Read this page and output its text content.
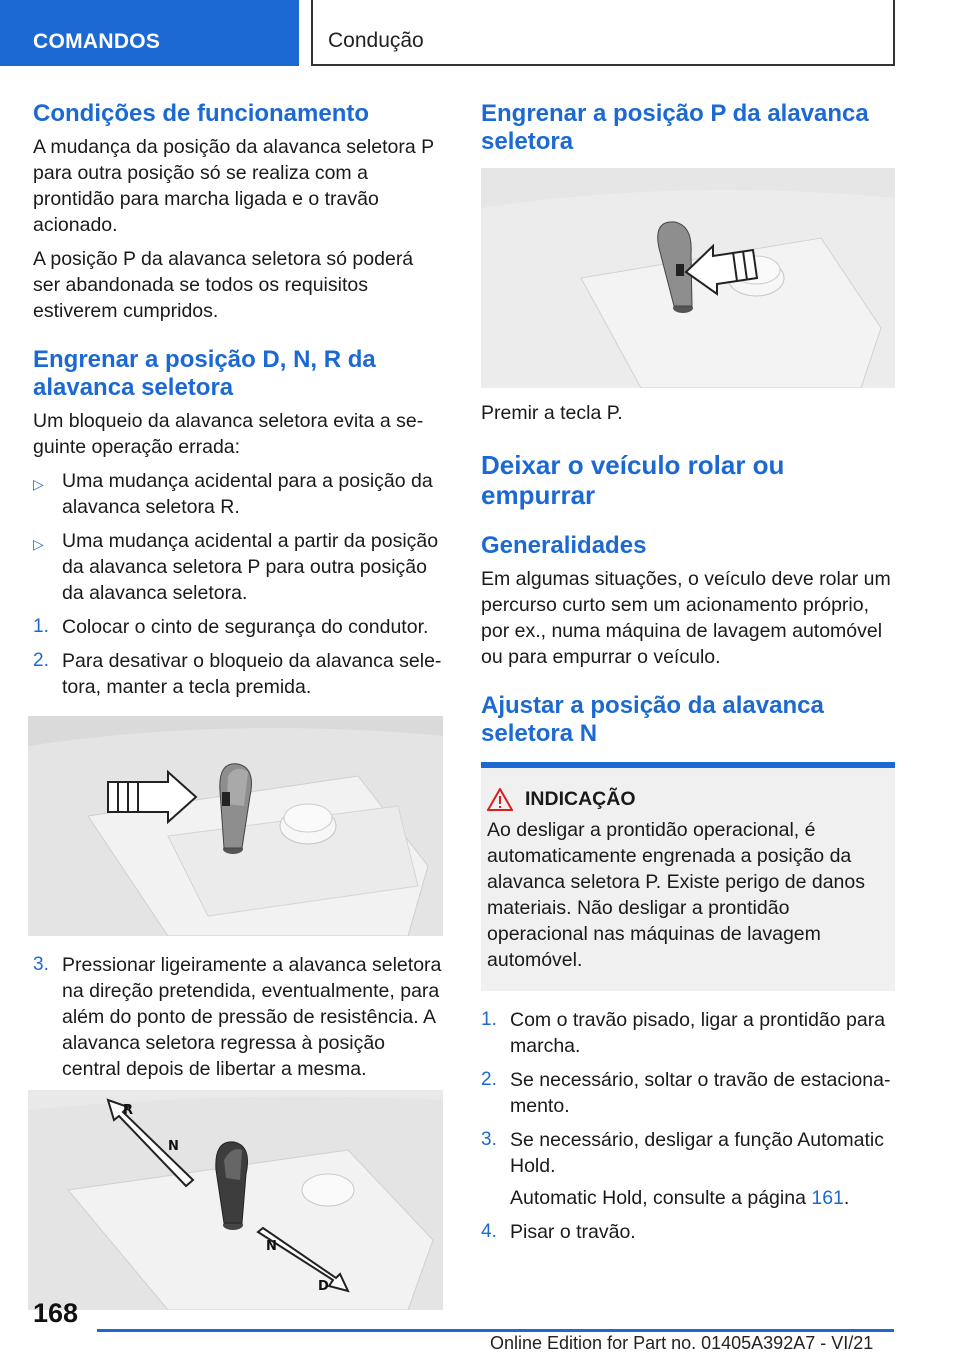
COMANDOS	Condução
Condições de funcionamento

A mudança da posição da alavanca seletora P para outra posição só se realiza com a prontidão para marcha ligada e o travão acionado.

A posição P da alavanca seletora só poderá ser abandonada se todos os requisitos estiverem cumpridos.

Engrenar a posição D, N, R da alavanca seletora

Um bloqueio da alavanca seletora evita a seguinte operação errada:

▷ Uma mudança acidental para a posição da alavanca seletora R.
▷ Uma mudança acidental a partir da posição da alavanca seletora P para outra posição da alavanca seletora.
1. Colocar o cinto de segurança do condutor.
2. Para desativar o bloqueio da alavanca seletora, manter a tecla premida.
3. Pressionar ligeiramente a alavanca seletora na direção pretendida, eventualmente, para além do ponto de pressão de resistência. A alavanca seletora regressa à posição central depois de libertar a mesma.
R
N
N
D
Engrenar a posição P da alavanca seletora

Premir a tecla P.

Deixar o veículo rolar ou empurrar
Generalidades

Em algumas situações, o veículo deve rolar um percurso curto sem um acionamento próprio, por ex., numa máquina de lavagem automóvel ou para empurrar o veículo.

Ajustar a posição da alavanca seletora N
INDICAÇÃO

Ao desligar a prontidão operacional, é automaticamente engrenada a posição da alavanca seletora P. Existe perigo de danos materiais. Não desligar a prontidão operacional nas máquinas de lavagem automóvel.

1. Com o travão pisado, ligar a prontidão para marcha.
2. Se necessário, soltar o travão de estacionamento.
3. Se necessário, desligar a função Automatic Hold.

Automatic Hold, consulte a página 161.

4. Pisar o travão.
168
Online Edition for Part no. 01405A392A7 - VI/21
